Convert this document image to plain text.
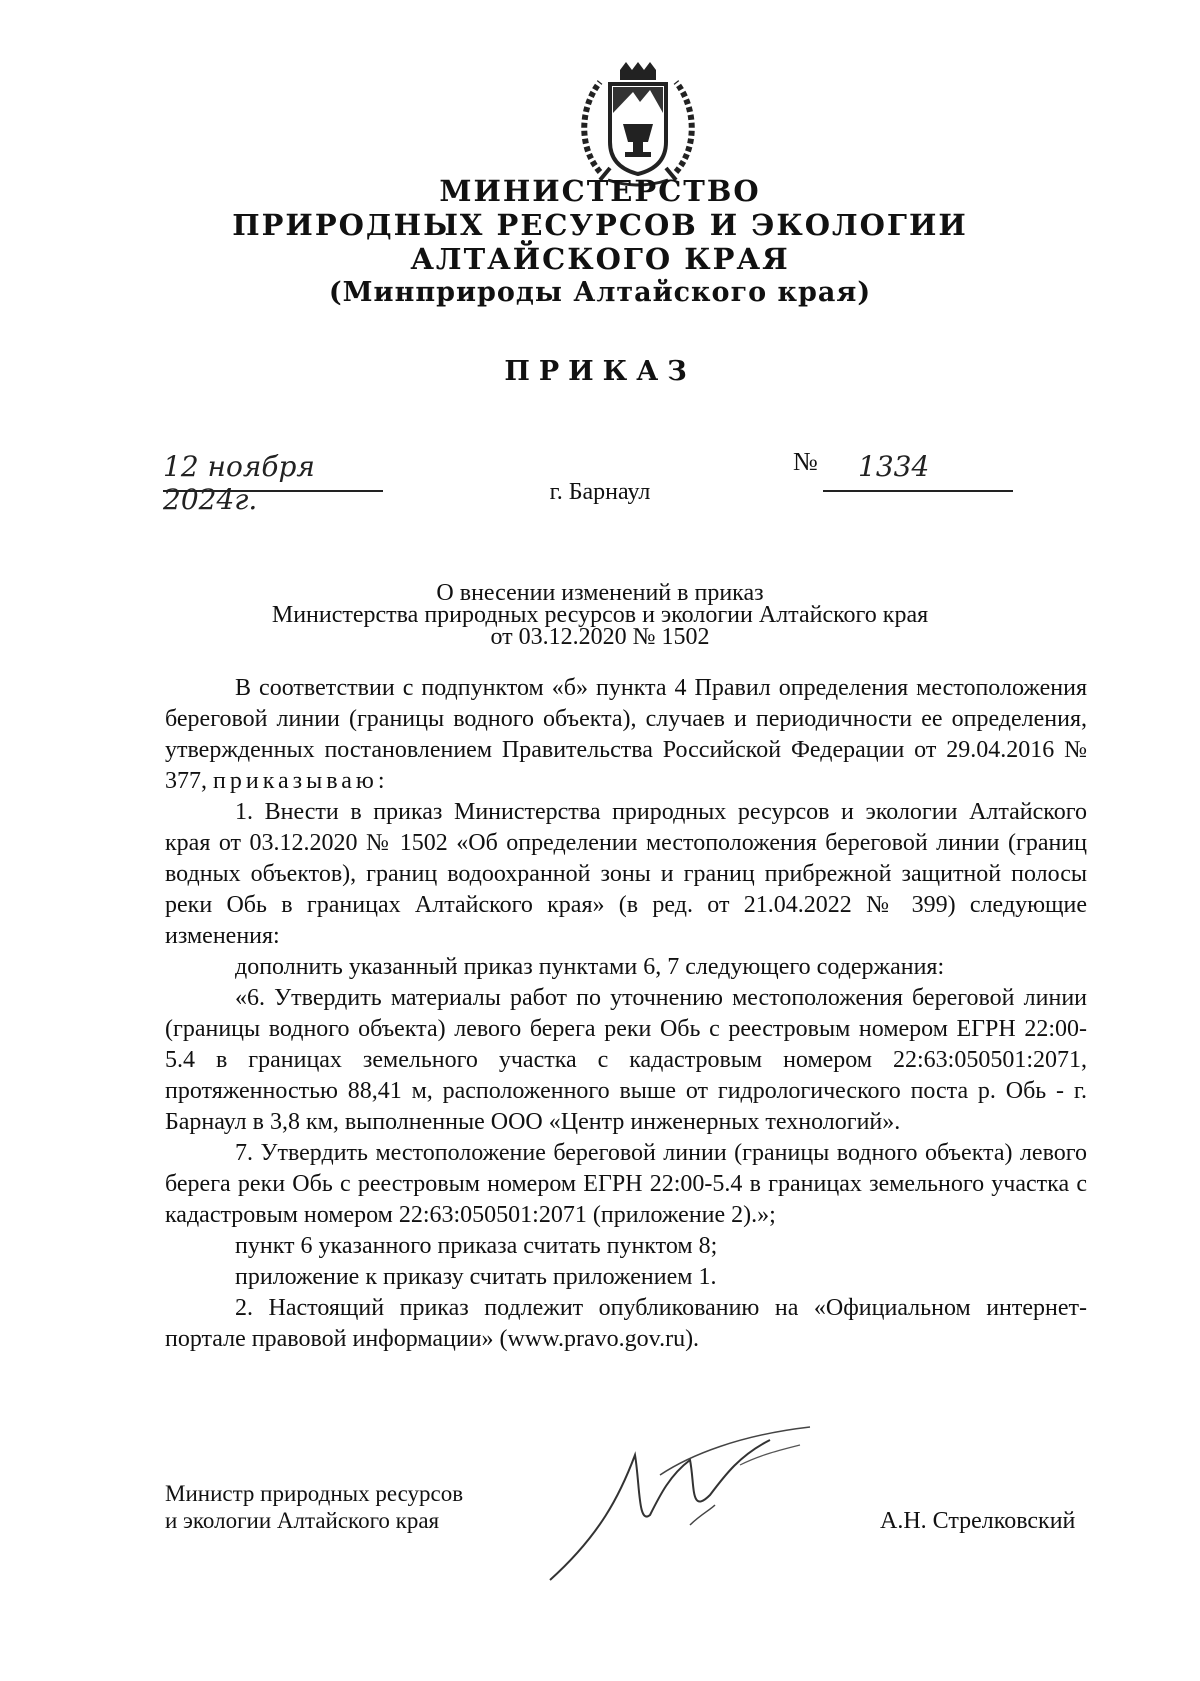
МИНИСТЕРСТВО
ПРИРОДНЫХ РЕСУРСОВ И ЭКОЛОГИИ
АЛТАЙСКОГО КРАЯ
(Минприроды Алтайского края)
ПРИКАЗ
12 ноября 2024г.
№ 1334
г. Барнаул
О внесении изменений в приказ
Министерства природных ресурсов и экологии Алтайского края
от 03.12.2020 № 1502

В соответствии с подпунктом «б» пункта 4 Правил определения местоположения береговой линии (границы водного объекта), случаев и периодичности ее определения, утвержденных постановлением Правительства Российской Федерации от 29.04.2016 № 377, приказываю:

1. Внести в приказ Министерства природных ресурсов и экологии Алтайского края от 03.12.2020 № 1502 «Об определении местоположения береговой линии (границ водных объектов), границ водоохранной зоны и границ прибрежной защитной полосы реки Обь в границах Алтайского края» (в ред. от 21.04.2022 № 399) следующие изменения:

дополнить указанный приказ пунктами 6, 7 следующего содержания:

«6. Утвердить материалы работ по уточнению местоположения береговой линии (границы водного объекта) левого берега реки Обь с реестровым номером ЕГРН 22:00-5.4 в границах земельного участка с кадастровым номером 22:63:050501:2071, протяженностью 88,41 м, расположенного выше от гидрологического поста р. Обь - г. Барнаул в 3,8 км, выполненные ООО «Центр инженерных технологий».

7. Утвердить местоположение береговой линии (границы водного объекта) левого берега реки Обь с реестровым номером ЕГРН 22:00-5.4 в границах земельного участка с кадастровым номером 22:63:050501:2071 (приложение 2).»;

пункт 6 указанного приказа считать пунктом 8;

приложение к приказу считать приложением 1.

2. Настоящий приказ подлежит опубликованию на «Официальном интернет-портале правовой информации» (www.pravo.gov.ru).

Министр природных ресурсов
и экологии Алтайского края	А.Н. Стрелковский
